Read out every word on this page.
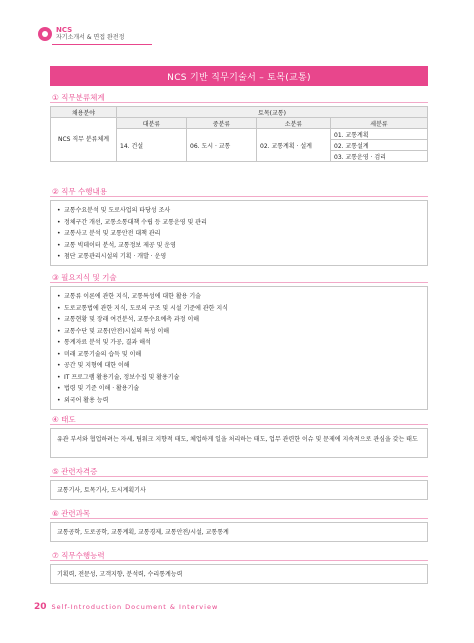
NCS
자기소개서 & 면접 완전정
NCS 기반 직무기술서 – 토목(교통)
① 직무분류체계
채용분야	토목(교통)			
NCS 직무 분류체계	대분류	중분류	소분류	세분류
	14. 건설	06. 도시 · 교통	02. 교통계획 · 설계	01. 교통계획
				02. 교통설계
				03. 교통운영 · 검리
② 직무 수행내용
• 교통수요분석 및 도로사업의 타당성 조사
• 정체구간 개선, 교통소통대책 수립 등 교통운영 및 관리
• 교통사고 분석 및 교통안전 대책 관리
• 교통 빅데이터 분석, 교통정보 제공 및 운영
• 첨단 교통관리시설의 기획 · 개발 · 운영
③ 필요지식 및 기술
• 교통류 이론에 관한 지식, 교통특성에 대한 활용 기술
• 도로교통법에 관한 지식, 도로의 구조 및 시설 기준에 관한 지식
• 교통현황 및 장래 여건분석, 교통수요예측 과정 이해
• 교통수단 및 교통(안전)시설의 특성 이해
• 통계자료 분석 및 가공, 결과 해석
• 미래 교통기술의 습득 및 이해
• 공간 및 지형에 대한 이해
• IT 프로그램 활용기술, 정보수집 및 활용기술
• 법령 및 기준 이해 · 활용기술
• 외국어 활용 능력
④ 태도
유관 부서와 협업하려는 자세, 팀워크 지향적 태도, 체업하게 일을 처리하는 태도, 업무 관련한 이슈 및 문제에 지속적으로 관심을 갖는 태도
⑤ 관련자격증
교통기사, 토목기사, 도시계획기사
⑥ 관련과목
교통공학, 도로공학, 교통계획, 교통경제, 교통안전/시설, 교통통계
⑦ 직무수행능력
기획력, 전문성, 고객지향, 분석력, 수리통계능력
20 Self-Introduction Document & Interview
